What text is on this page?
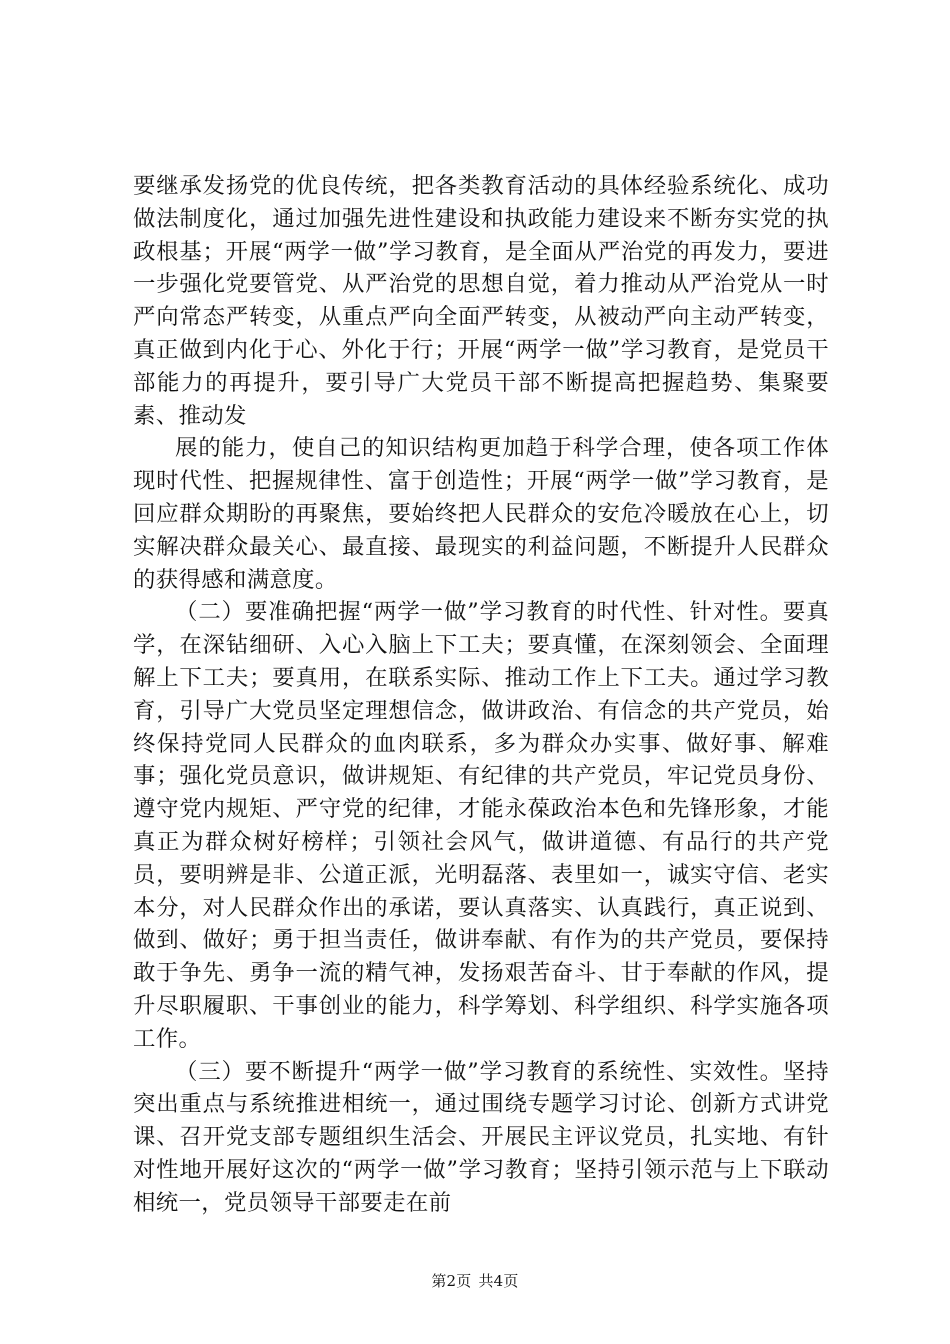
要继承发扬党的优良传统，把各类教育活动的具体经验系统化、成功做法制度化，通过加强先进性建设和执政能力建设来不断夯实党的执政根基；开展“两学一做”学习教育，是全面从严治党的再发力，要进一步强化党要管党、从严治党的思想自觉，着力推动从严治党从一时严向常态严转变，从重点严向全面严转变，从被动严向主动严转变，真正做到内化于心、外化于行；开展“两学一做”学习教育，是党员干部能力的再提升，要引导广大党员干部不断提高把握趋势、集聚要素、推动发

展的能力，使自己的知识结构更加趋于科学合理，使各项工作体现时代性、把握规律性、富于创造性；开展“两学一做”学习教育，是回应群众期盼的再聚焦，要始终把人民群众的安危冷暖放在心上，切实解决群众最关心、最直接、最现实的利益问题，不断提升人民群众的获得感和满意度。

（二）要准确把握“两学一做”学习教育的时代性、针对性。要真学，在深钻细研、入心入脑上下工夫；要真懂，在深刻领会、全面理解上下工夫；要真用，在联系实际、推动工作上下工夫。通过学习教育，引导广大党员坚定理想信念，做讲政治、有信念的共产党员，始终保持党同人民群众的血肉联系，多为群众办实事、做好事、解难事；强化党员意识，做讲规矩、有纪律的共产党员，牢记党员身份、遵守党内规矩、严守党的纪律，才能永葆政治本色和先锋形象，才能真正为群众树好榜样；引领社会风气，做讲道德、有品行的共产党员，要明辨是非、公道正派，光明磊落、表里如一，诚实守信、老实本分，对人民群众作出的承诺，要认真落实、认真践行，真正说到、做到、做好；勇于担当责任，做讲奉献、有作为的共产党员，要保持敢于争先、勇争一流的精气神，发扬艰苦奋斗、甘于奉献的作风，提升尽职履职、干事创业的能力，科学筹划、科学组织、科学实施各项工作。

（三）要不断提升“两学一做”学习教育的系统性、实效性。坚持突出重点与系统推进相统一，通过围绕专题学习讨论、创新方式讲党课、召开党支部专题组织生活会、开展民主评议党员，扎实地、有针对性地开展好这次的“两学一做”学习教育；坚持引领示范与上下联动相统一，党员领导干部要走在前

第2页 共4页
